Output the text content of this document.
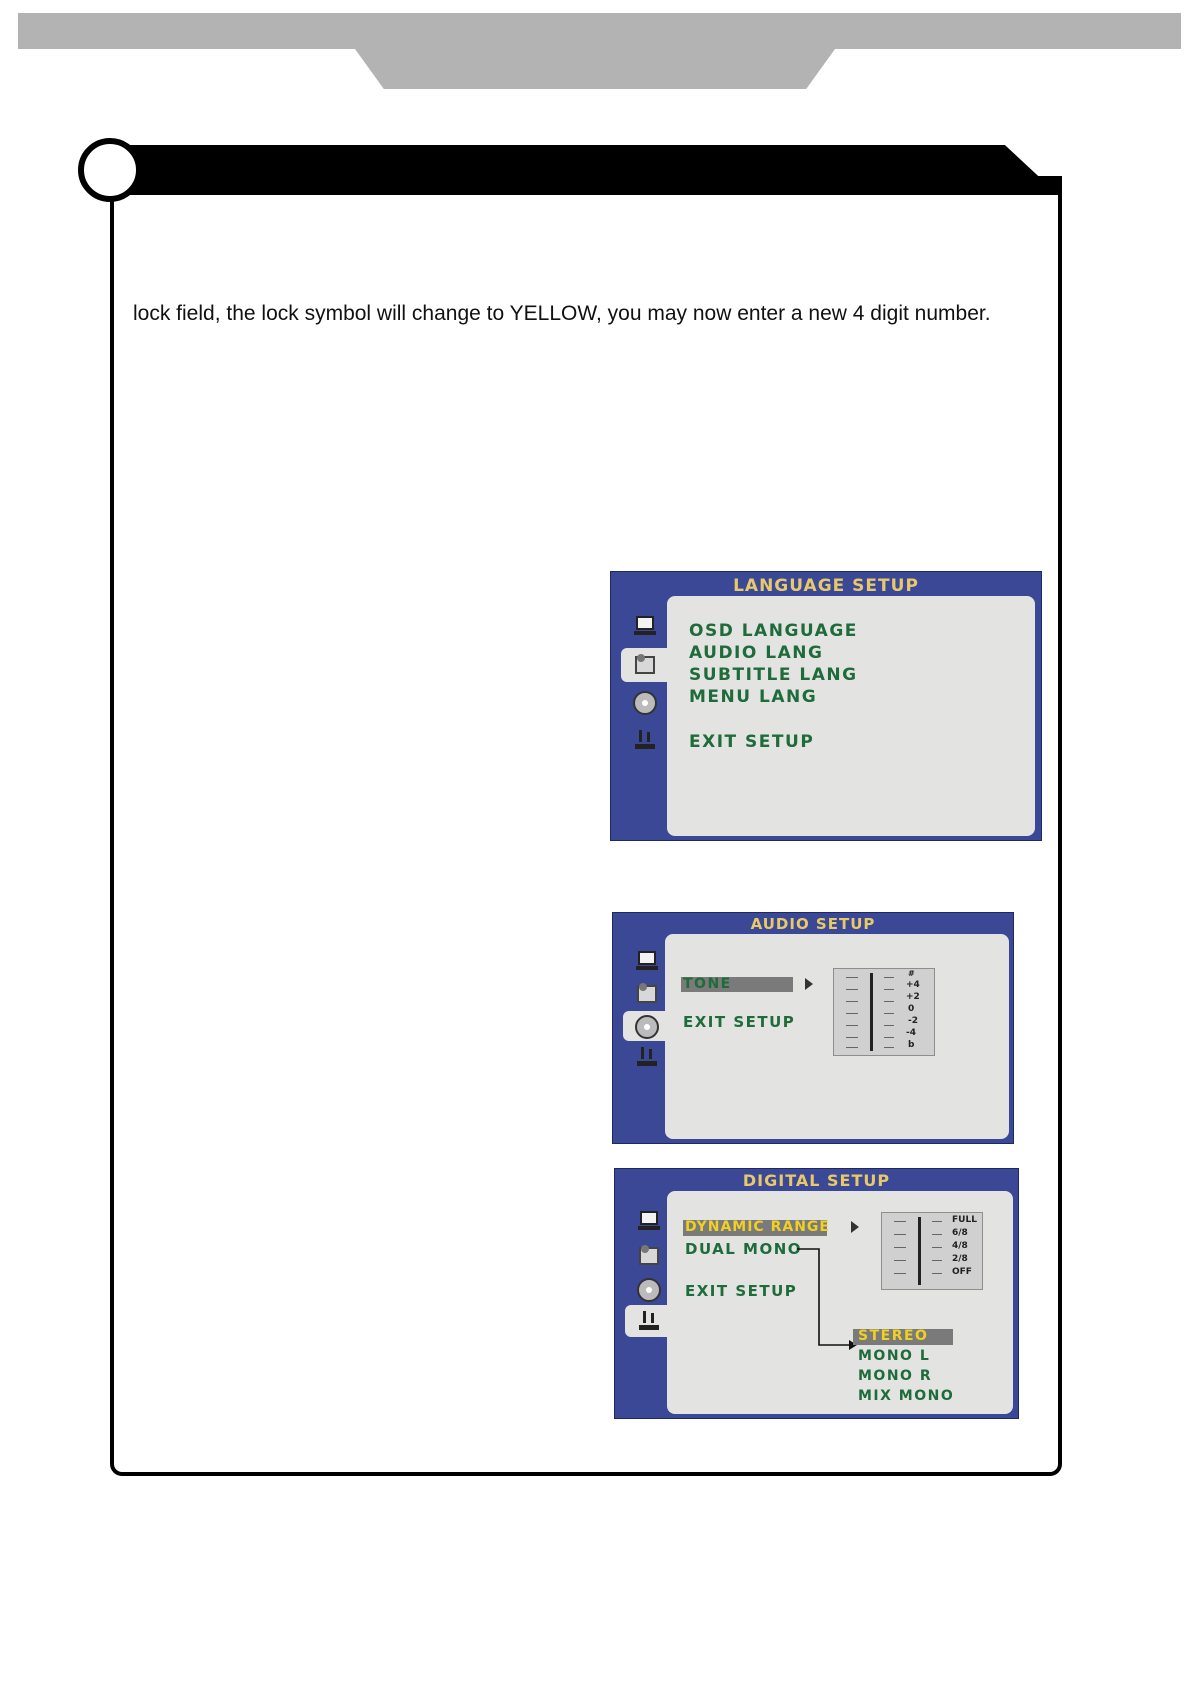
lock field, the lock symbol will change to YELLOW, you may now enter a new 4 digit number.
LANGUAGE SETUP
OSD LANGUAGE
AUDIO LANG
SUBTITLE LANG
MENU LANG
EXIT SETUP
AUDIO SETUP
TONE
EXIT SETUP
#
+4
+2
0
-2
-4
b
DIGITAL SETUP
DYNAMIC RANGE
DUAL MONO
EXIT SETUP
FULL
6/8
4/8
2/8
OFF
STEREO
MONO L
MONO R
MIX MONO
